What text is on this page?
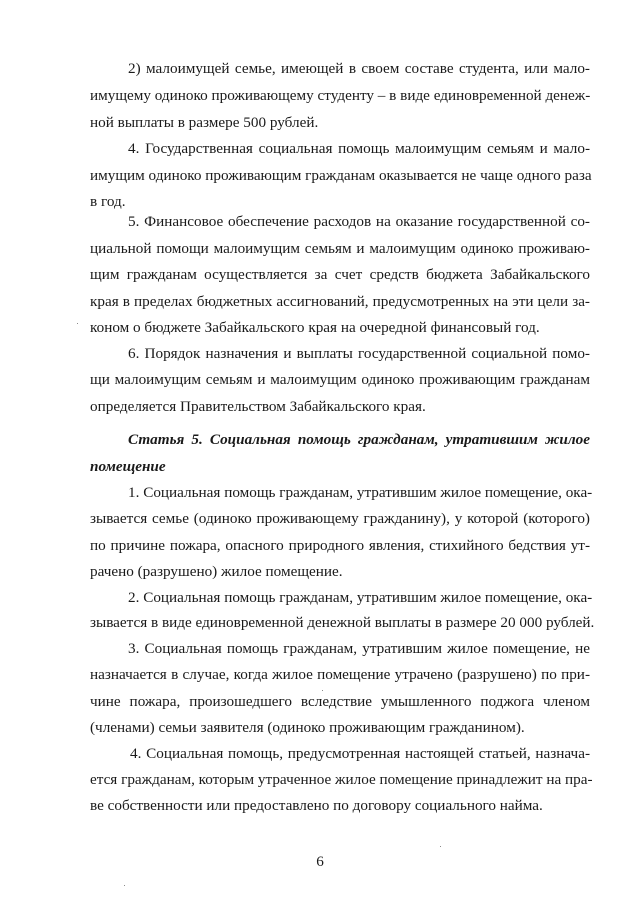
2) малоимущей семье, имеющей в своем составе студента, или мало-
имущему одиноко проживающему студенту – в виде единовременной денеж-
ной выплаты в размере 500 рублей.
4. Государственная социальная помощь малоимущим семьям и мало-
имущим одиноко проживающим гражданам оказывается не чаще одного раза
в год.
5. Финансовое обеспечение расходов на оказание государственной со-
циальной помощи малоимущим семьям и малоимущим одиноко проживаю-
щим гражданам осуществляется за счет средств бюджета Забайкальского
края в пределах бюджетных ассигнований, предусмотренных на эти цели за-
коном о бюджете Забайкальского края на очередной финансовый год.
6. Порядок назначения и выплаты государственной социальной помо-
щи малоимущим семьям и малоимущим одиноко проживающим гражданам
определяется Правительством Забайкальского края.
Статья 5. Социальная помощь гражданам, утратившим жилое
помещение
1. Социальная помощь гражданам, утратившим жилое помещение, ока-
зывается семье (одиноко проживающему гражданину), у которой (которого)
по причине пожара, опасного природного явления, стихийного бедствия ут-
рачено (разрушено) жилое помещение.
2. Социальная помощь гражданам, утратившим жилое помещение, ока-
зывается в виде единовременной денежной выплаты в размере 20 000 рублей.
3. Социальная помощь гражданам, утратившим жилое помещение, не
назначается в случае, когда жилое помещение утрачено (разрушено) по при-
чине пожара, произошедшего вследствие умышленного поджога членом
(членами) семьи заявителя (одиноко проживающим гражданином).
4. Социальная помощь, предусмотренная настоящей статьей, назнача-
ется гражданам, которым утраченное жилое помещение принадлежит на пра-
ве собственности или предоставлено по договору социального найма.
6
